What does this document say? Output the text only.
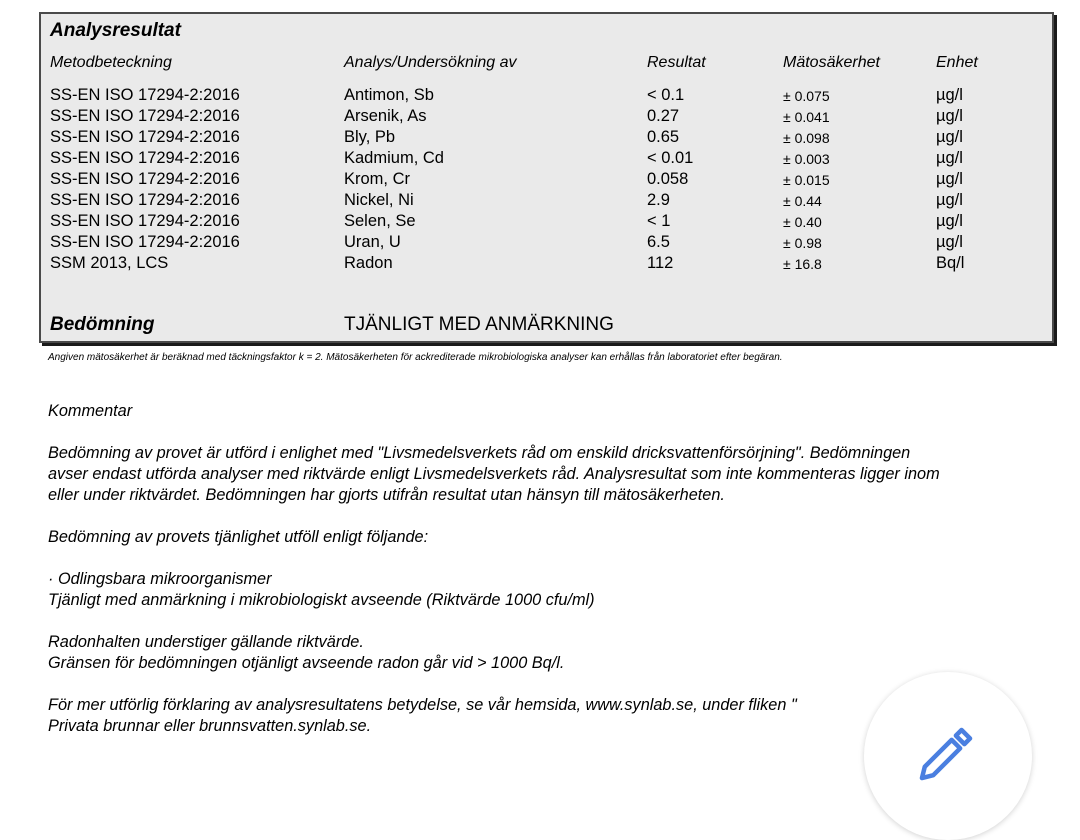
Analysresultat
Metodbeteckning	Analys/Undersökning av	Resultat	Mätosäkerhet	Enhet
SS-EN ISO 17294-2:2016	Antimon, Sb	< 0.1	± 0.075	µg/l
SS-EN ISO 17294-2:2016	Arsenik, As	0.27	± 0.041	µg/l
SS-EN ISO 17294-2:2016	Bly, Pb	0.65	± 0.098	µg/l
SS-EN ISO 17294-2:2016	Kadmium, Cd	< 0.01	± 0.003	µg/l
SS-EN ISO 17294-2:2016	Krom, Cr	0.058	± 0.015	µg/l
SS-EN ISO 17294-2:2016	Nickel, Ni	2.9	± 0.44	µg/l
SS-EN ISO 17294-2:2016	Selen, Se	< 1	± 0.40	µg/l
SS-EN ISO 17294-2:2016	Uran, U	6.5	± 0.98	µg/l
SSM 2013, LCS	Radon	112	± 16.8	Bq/l
Bedömning	TJÄNLIGT MED ANMÄRKNING
Angiven mätosäkerhet är beräknad med täckningsfaktor k = 2. Mätosäkerheten för ackrediterade mikrobiologiska analyser kan erhållas från laboratoriet efter begäran.
Kommentar
Bedömning av provet är utförd i enlighet med "Livsmedelsverkets råd om enskild dricksvattenförsörjning". Bedömningen
avser endast utförda analyser med riktvärde enligt Livsmedelsverkets råd. Analysresultat som inte kommenteras ligger inom
eller under riktvärdet. Bedömningen har gjorts utifrån resultat utan hänsyn till mätosäkerheten.
Bedömning av provets tjänlighet utföll enligt följande:
· Odlingsbara mikroorganismer
Tjänligt med anmärkning i mikrobiologiskt avseende (Riktvärde 1000 cfu/ml)
Radonhalten understiger gällande riktvärde.
Gränsen för bedömningen otjänligt avseende radon går vid > 1000 Bq/l.
För mer utförlig förklaring av analysresultatens betydelse, se vår hemsida, www.synlab.se, under fliken "
Privata brunnar eller brunnsvatten.synlab.se.
